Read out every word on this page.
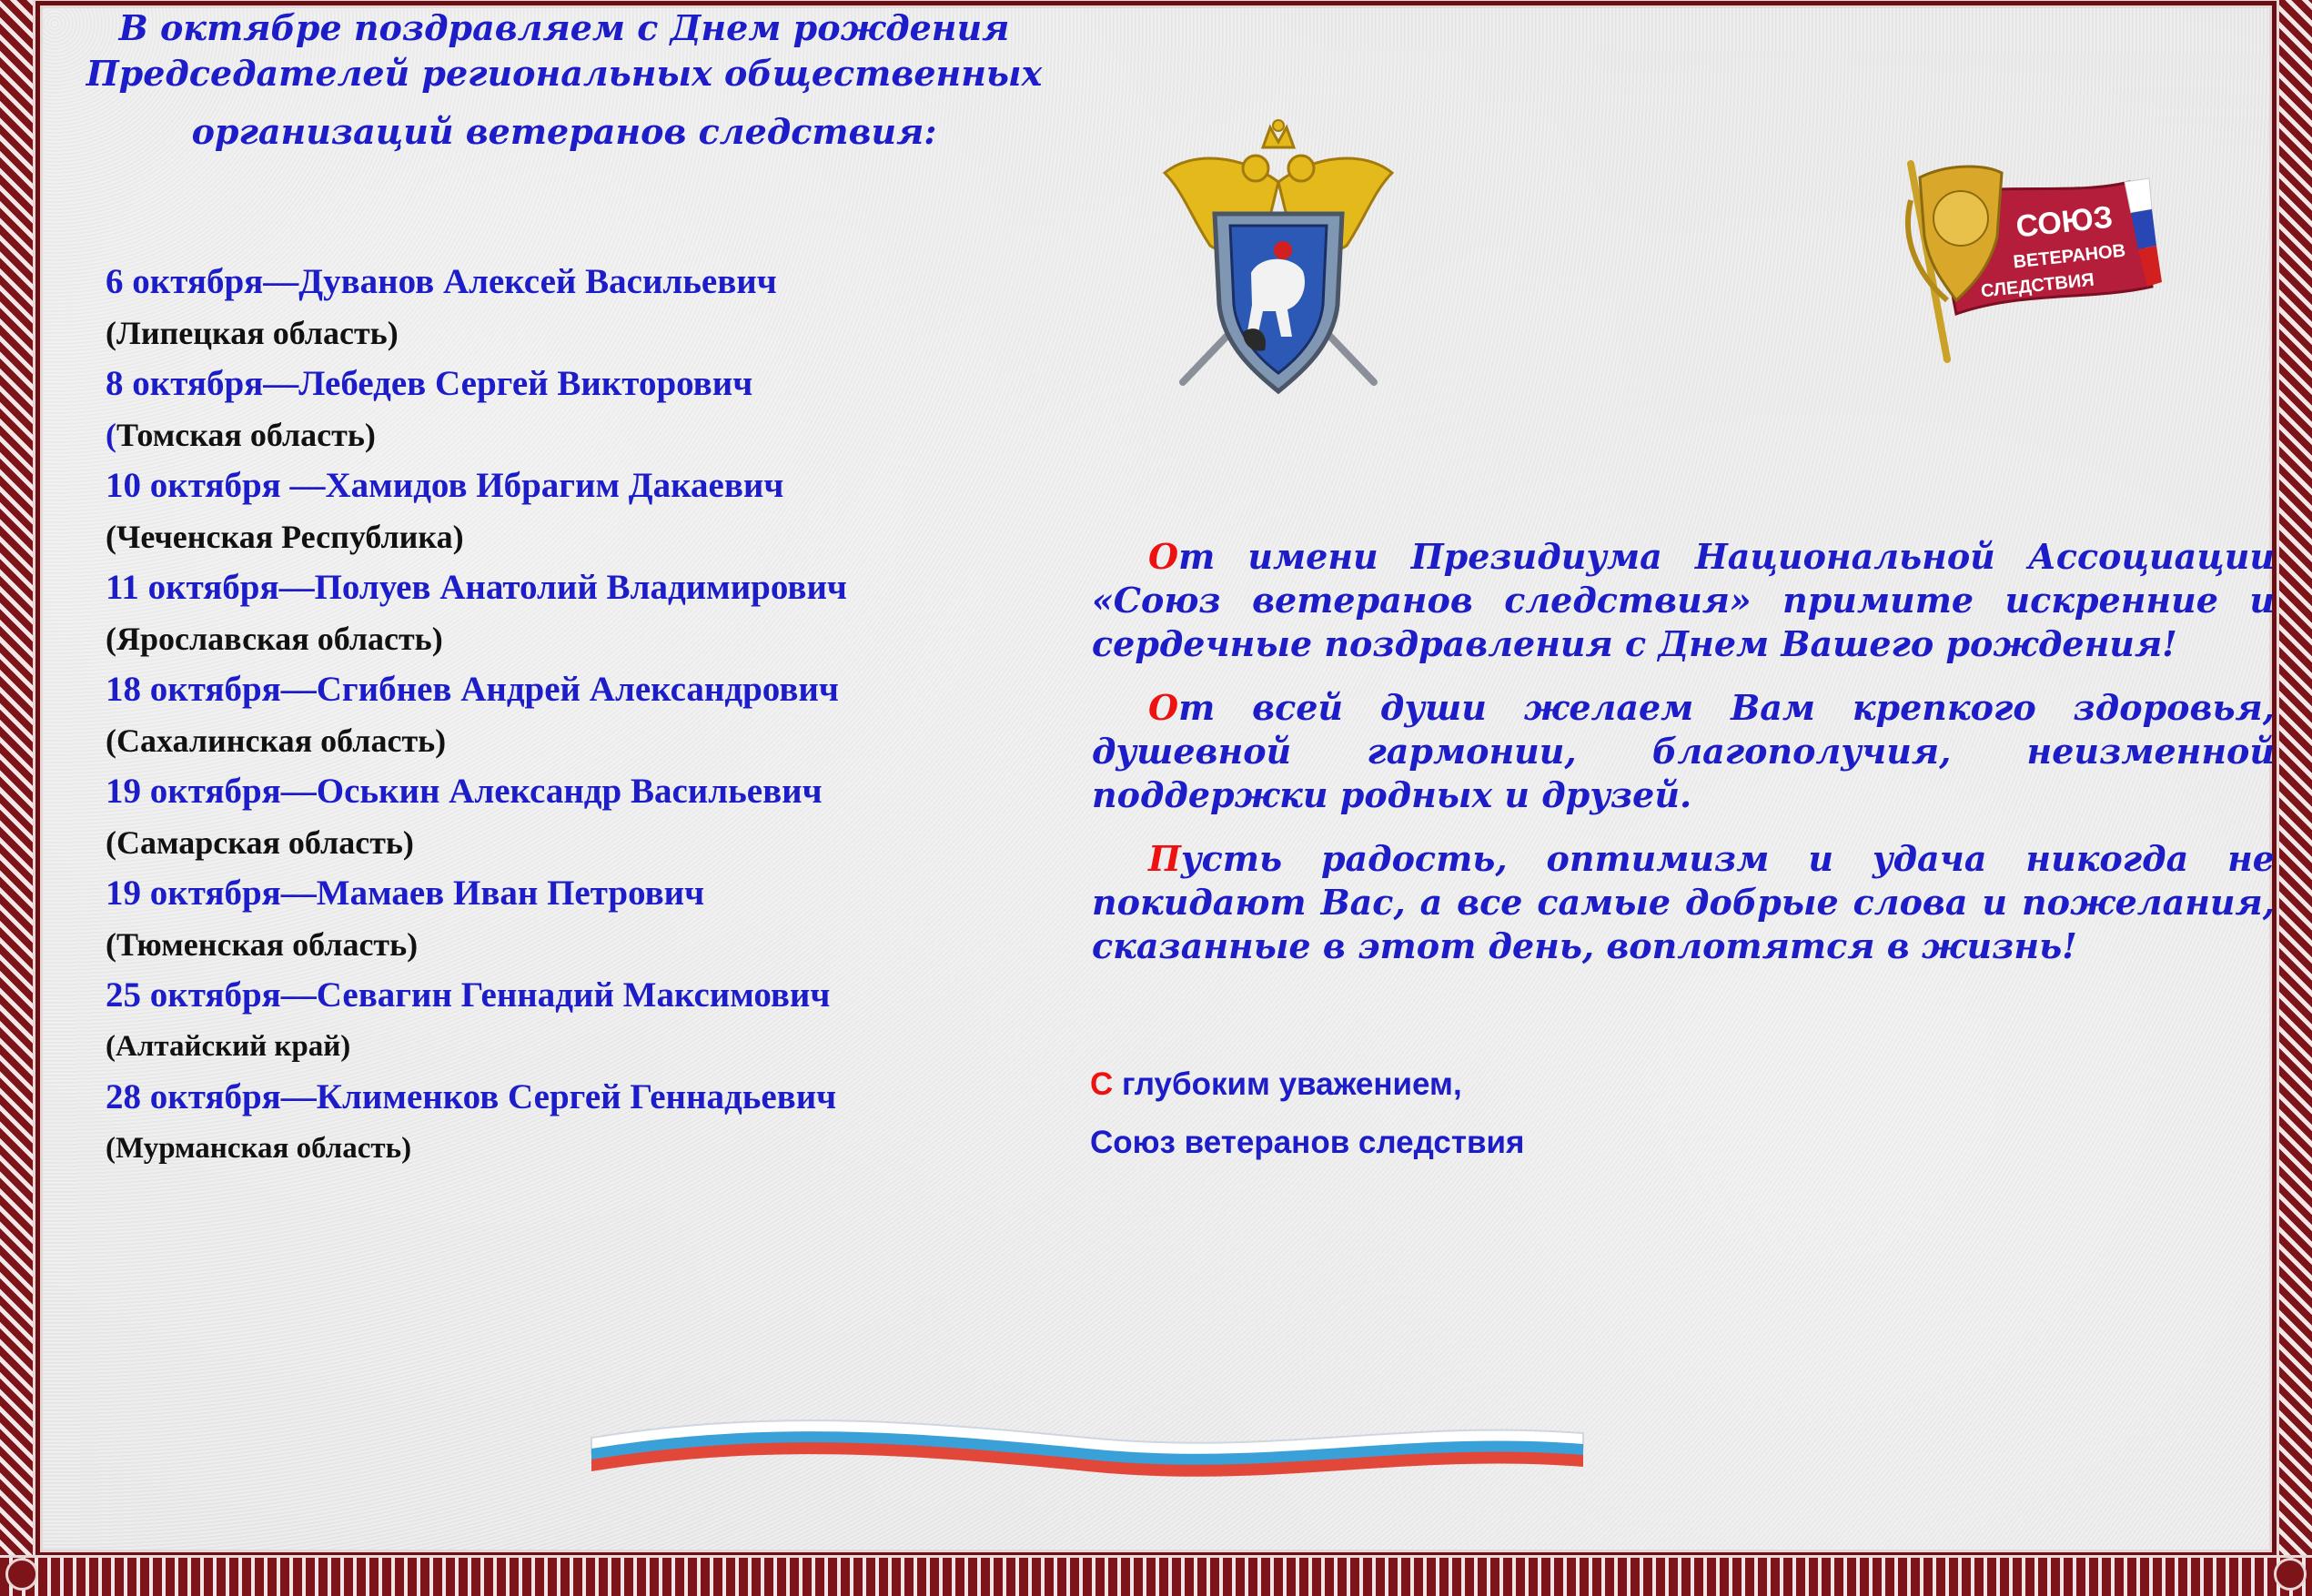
В октябре поздравляем с Днем рождения
Председателей региональных общественных
организаций ветеранов следствия:
6 октября—Дуванов Алексей Васильевич
(Липецкая область)
8 октября—Лебедев Сергей Викторович
(Томская область)
10 октября —Хамидов Ибрагим Дакаевич
(Чеченская Республика)
11 октября—Полуев Анатолий Владимирович
(Ярославская область)
18 октября—Сгибнев Андрей Александрович
(Сахалинская область)
19 октября—Оськин Александр Васильевич
(Самарская область)
19 октября—Мамаев Иван Петрович
(Тюменская область)
25 октября—Севагин Геннадий Максимович
(Алтайский край)
28 октября—Клименков Сергей Геннадьевич
(Мурманская область)
СОЮЗ
ВЕТЕРАНОВ
СЛЕДСТВИЯ

От имени Президиума Национальной Ассоциации «Союз ветеранов следствия» примите искренние и сердечные поздравления с Днем Вашего рождения!

От всей души желаем Вам крепкого здоровья, душевной гармонии, благополучия, неизменной поддержки родных и друзей.

Пусть радость, оптимизм и удача никогда не покидают Вас, а все самые добрые слова и пожелания, сказанные в этот день, воплотятся в жизнь!

С глубоким уважением,
Союз ветеранов следствия
